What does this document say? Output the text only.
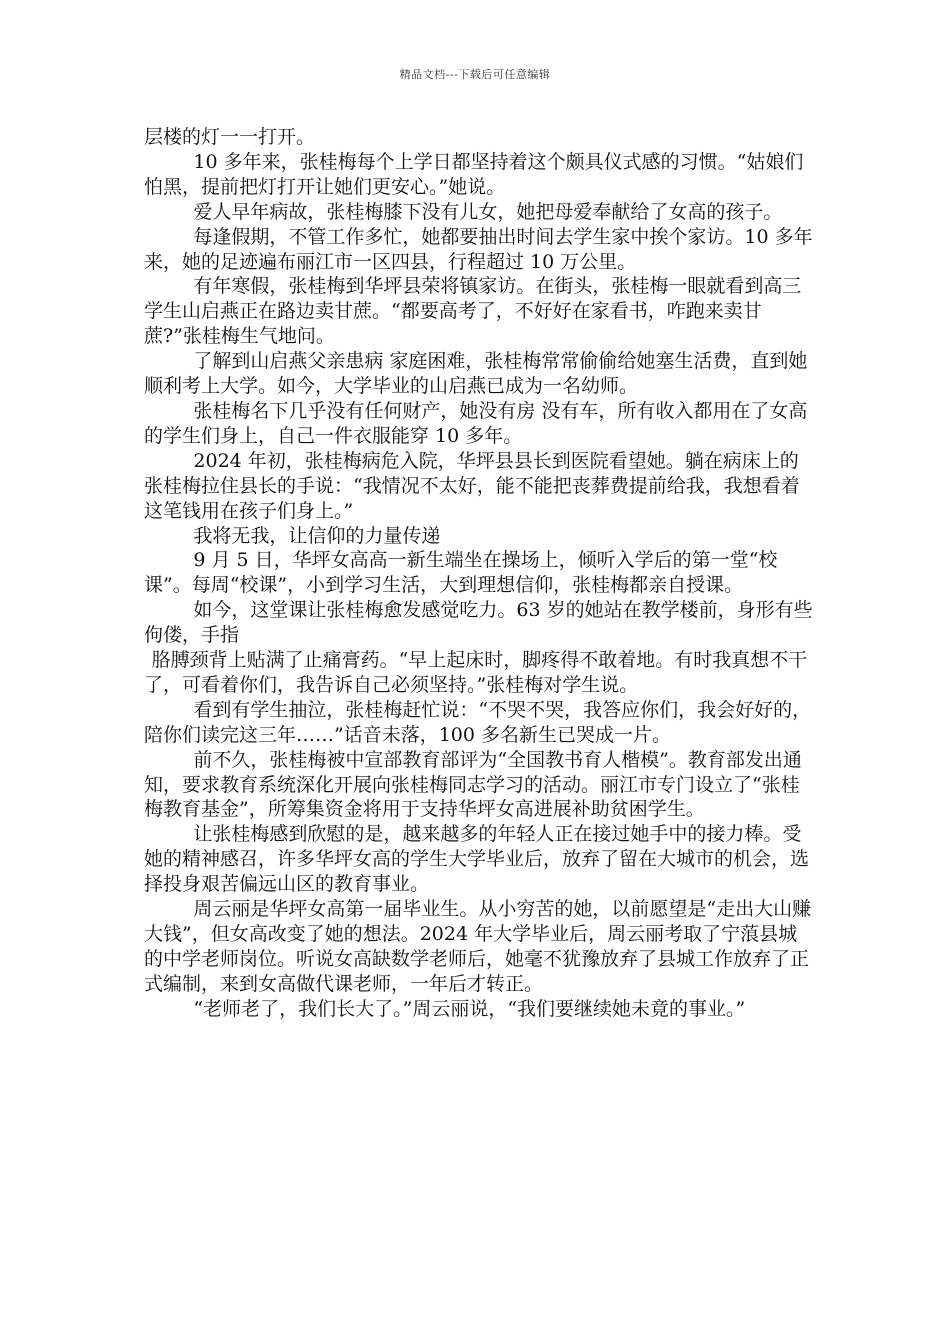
精品文档---下载后可任意编辑

层楼的灯一一打开。

10 多年来，张桂梅每个上学日都坚持着这个颇具仪式感的习惯。“姑娘们怕黑，提前把灯打开让她们更安心。”她说。

爱人早年病故，张桂梅膝下没有儿女，她把母爱奉献给了女高的孩子。

每逢假期，不管工作多忙，她都要抽出时间去学生家中挨个家访。10 多年来，她的足迹遍布丽江市一区四县，行程超过 10 万公里。

有年寒假，张桂梅到华坪县荣将镇家访。在街头，张桂梅一眼就看到高三学生山启燕正在路边卖甘蔗。“都要高考了，不好好在家看书，咋跑来卖甘蔗?”张桂梅生气地问。

了解到山启燕父亲患病 家庭困难，张桂梅常常偷偷给她塞生活费，直到她顺利考上大学。如今，大学毕业的山启燕已成为一名幼师。

张桂梅名下几乎没有任何财产，她没有房 没有车，所有收入都用在了女高的学生们身上，自己一件衣服能穿 10 多年。

2024 年初，张桂梅病危入院，华坪县县长到医院看望她。躺在病床上的张桂梅拉住县长的手说：“我情况不太好，能不能把丧葬费提前给我，我想看着这笔钱用在孩子们身上。”

我将无我，让信仰的力量传递

9 月 5 日，华坪女高高一新生端坐在操场上，倾听入学后的第一堂“校课”。每周“校课”，小到学习生活，大到理想信仰，张桂梅都亲自授课。

如今，这堂课让张桂梅愈发感觉吃力。63 岁的她站在教学楼前，身形有些佝偻，手指

胳膊颈背上贴满了止痛膏药。“早上起床时，脚疼得不敢着地。有时我真想不干了，可看着你们，我告诉自己必须坚持。”张桂梅对学生说。

看到有学生抽泣，张桂梅赶忙说：“不哭不哭，我答应你们，我会好好的，陪你们读完这三年……”话音未落，100 多名新生已哭成一片。

前不久，张桂梅被中宣部教育部评为“全国教书育人楷模”。教育部发出通知，要求教育系统深化开展向张桂梅同志学习的活动。丽江市专门设立了“张桂梅教育基金”，所筹集资金将用于支持华坪女高进展补助贫困学生。

让张桂梅感到欣慰的是，越来越多的年轻人正在接过她手中的接力棒。受她的精神感召，许多华坪女高的学生大学毕业后，放弃了留在大城市的机会，选择投身艰苦偏远山区的教育事业。

周云丽是华坪女高第一届毕业生。从小穷苦的她，以前愿望是“走出大山赚大钱”，但女高改变了她的想法。2024 年大学毕业后，周云丽考取了宁蒗县城的中学老师岗位。听说女高缺数学老师后，她毫不犹豫放弃了县城工作放弃了正式编制，来到女高做代课老师，一年后才转正。

“老师老了，我们长大了。”周云丽说，“我们要继续她未竟的事业。”
